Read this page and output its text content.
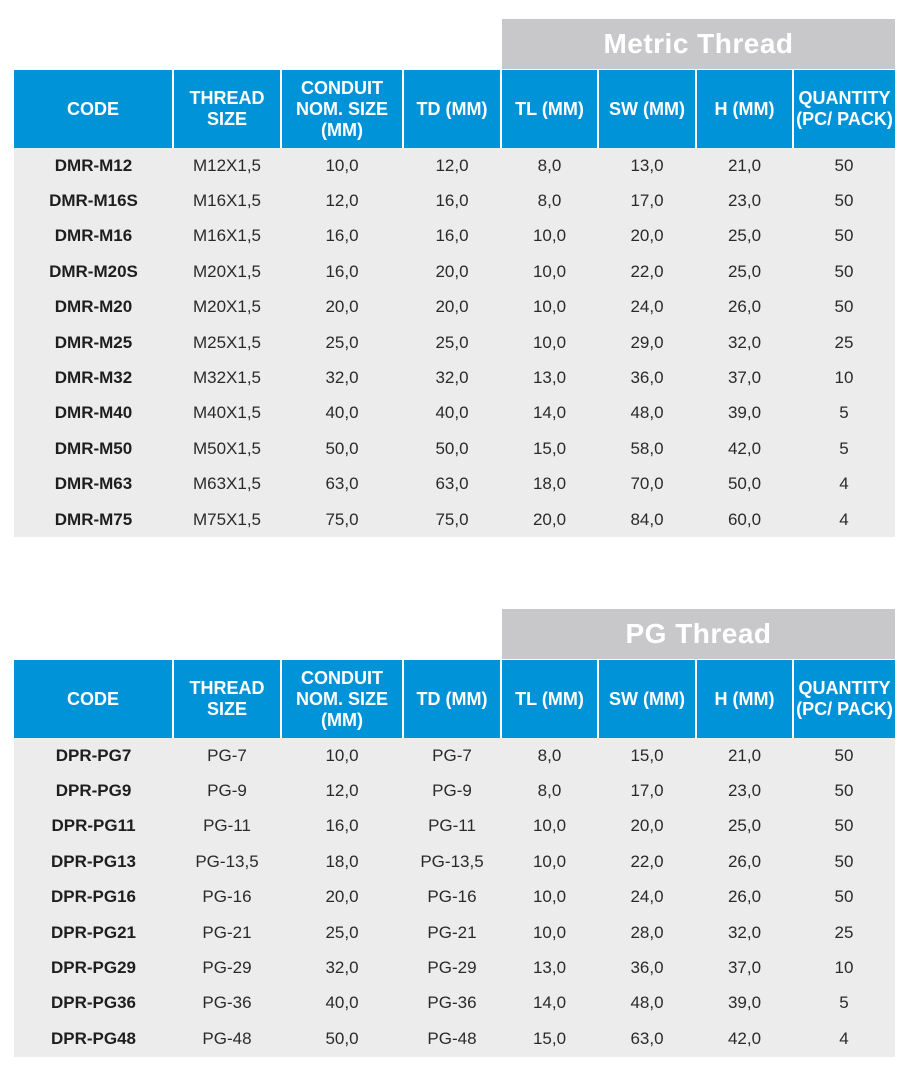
Metric Thread
CODE	THREAD SIZE	CONDUIT NOM. SIZE (MM)	TD (MM)	TL (MM)	SW (MM)	H (MM)	QUANTITY (PC/ PACK)
DMR-M12	M12X1,5	10,0	12,0	8,0	13,0	21,0	50
DMR-M16S	M16X1,5	12,0	16,0	8,0	17,0	23,0	50
DMR-M16	M16X1,5	16,0	16,0	10,0	20,0	25,0	50
DMR-M20S	M20X1,5	16,0	20,0	10,0	22,0	25,0	50
DMR-M20	M20X1,5	20,0	20,0	10,0	24,0	26,0	50
DMR-M25	M25X1,5	25,0	25,0	10,0	29,0	32,0	25
DMR-M32	M32X1,5	32,0	32,0	13,0	36,0	37,0	10
DMR-M40	M40X1,5	40,0	40,0	14,0	48,0	39,0	5
DMR-M50	M50X1,5	50,0	50,0	15,0	58,0	42,0	5
DMR-M63	M63X1,5	63,0	63,0	18,0	70,0	50,0	4
DMR-M75	M75X1,5	75,0	75,0	20,0	84,0	60,0	4
PG Thread
CODE	THREAD SIZE	CONDUIT NOM. SIZE (MM)	TD (MM)	TL (MM)	SW (MM)	H (MM)	QUANTITY (PC/ PACK)
DPR-PG7	PG-7	10,0	PG-7	8,0	15,0	21,0	50
DPR-PG9	PG-9	12,0	PG-9	8,0	17,0	23,0	50
DPR-PG11	PG-11	16,0	PG-11	10,0	20,0	25,0	50
DPR-PG13	PG-13,5	18,0	PG-13,5	10,0	22,0	26,0	50
DPR-PG16	PG-16	20,0	PG-16	10,0	24,0	26,0	50
DPR-PG21	PG-21	25,0	PG-21	10,0	28,0	32,0	25
DPR-PG29	PG-29	32,0	PG-29	13,0	36,0	37,0	10
DPR-PG36	PG-36	40,0	PG-36	14,0	48,0	39,0	5
DPR-PG48	PG-48	50,0	PG-48	15,0	63,0	42,0	4
